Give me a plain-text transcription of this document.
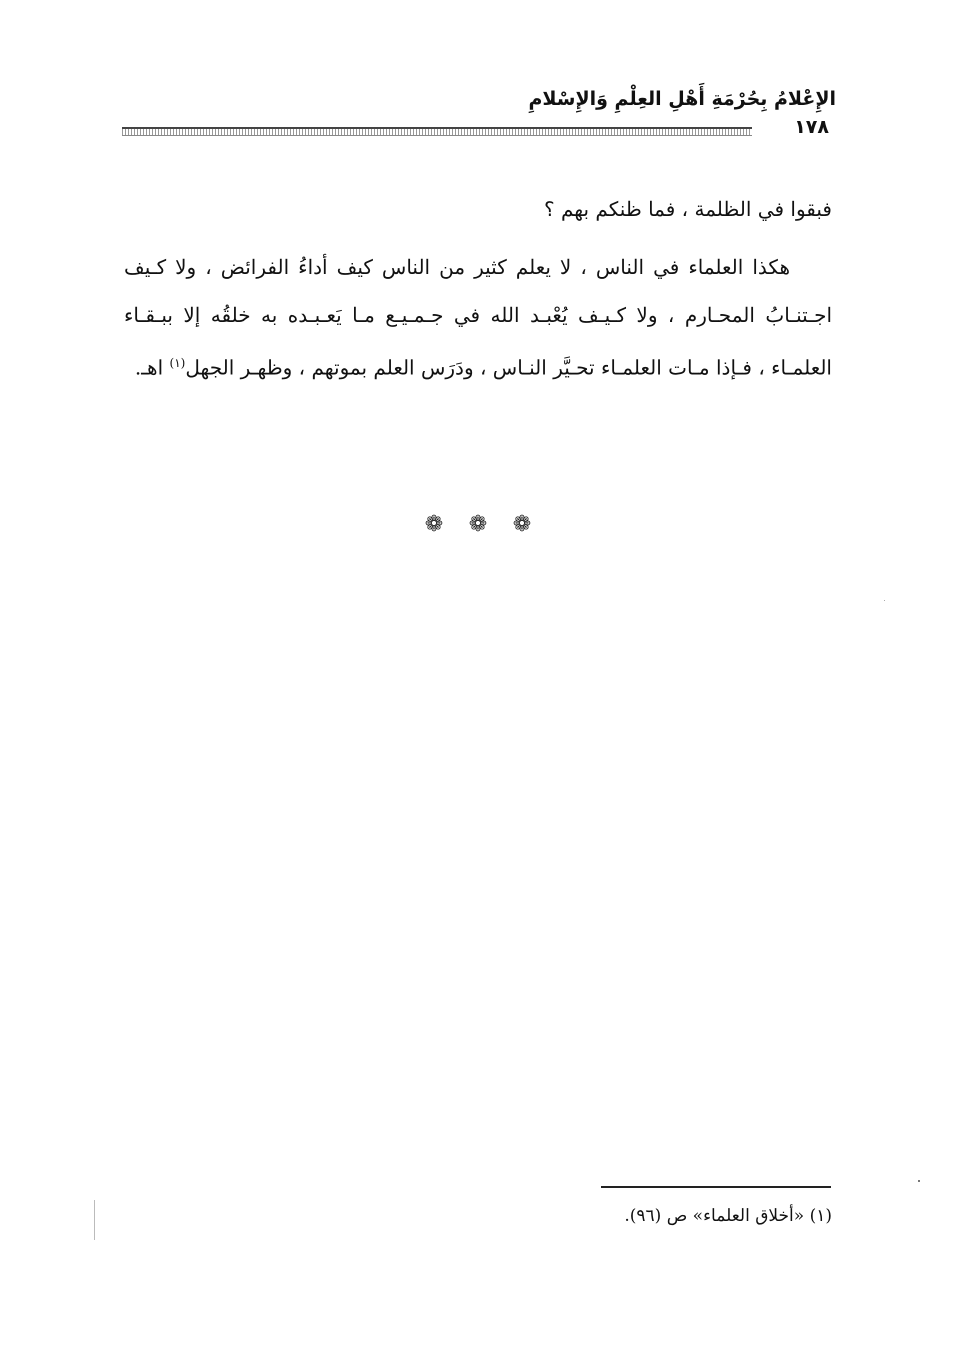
الإِعْلامُ بِحُرْمَةِ أَهْلِ العِلْمِ وَالإِسْلامِ
١٧٨

فبقوا في الظلمة ، فما ظنكم بهم ؟

هكذا العلماء في الناس ، لا يعلم كثير من الناس كيف أداءُ الفرائض ، ولا كـيف اجـتنـابُ المحـارم ، ولا كـيـف يُعْبـد الله في جـمـيـع مـا يَعـبـده به خلقُه إلا ببـقـاء العلمـاء ، فـإذا مـات العلمـاء تحـيَّر النـاس ، ودَرَس العلم بموتهم ، وظهـر الجهل$^{(١)}$ اهـ.

❁ ❁ ❁
(١) «أخلاق العلماء» ص (٩٦).
